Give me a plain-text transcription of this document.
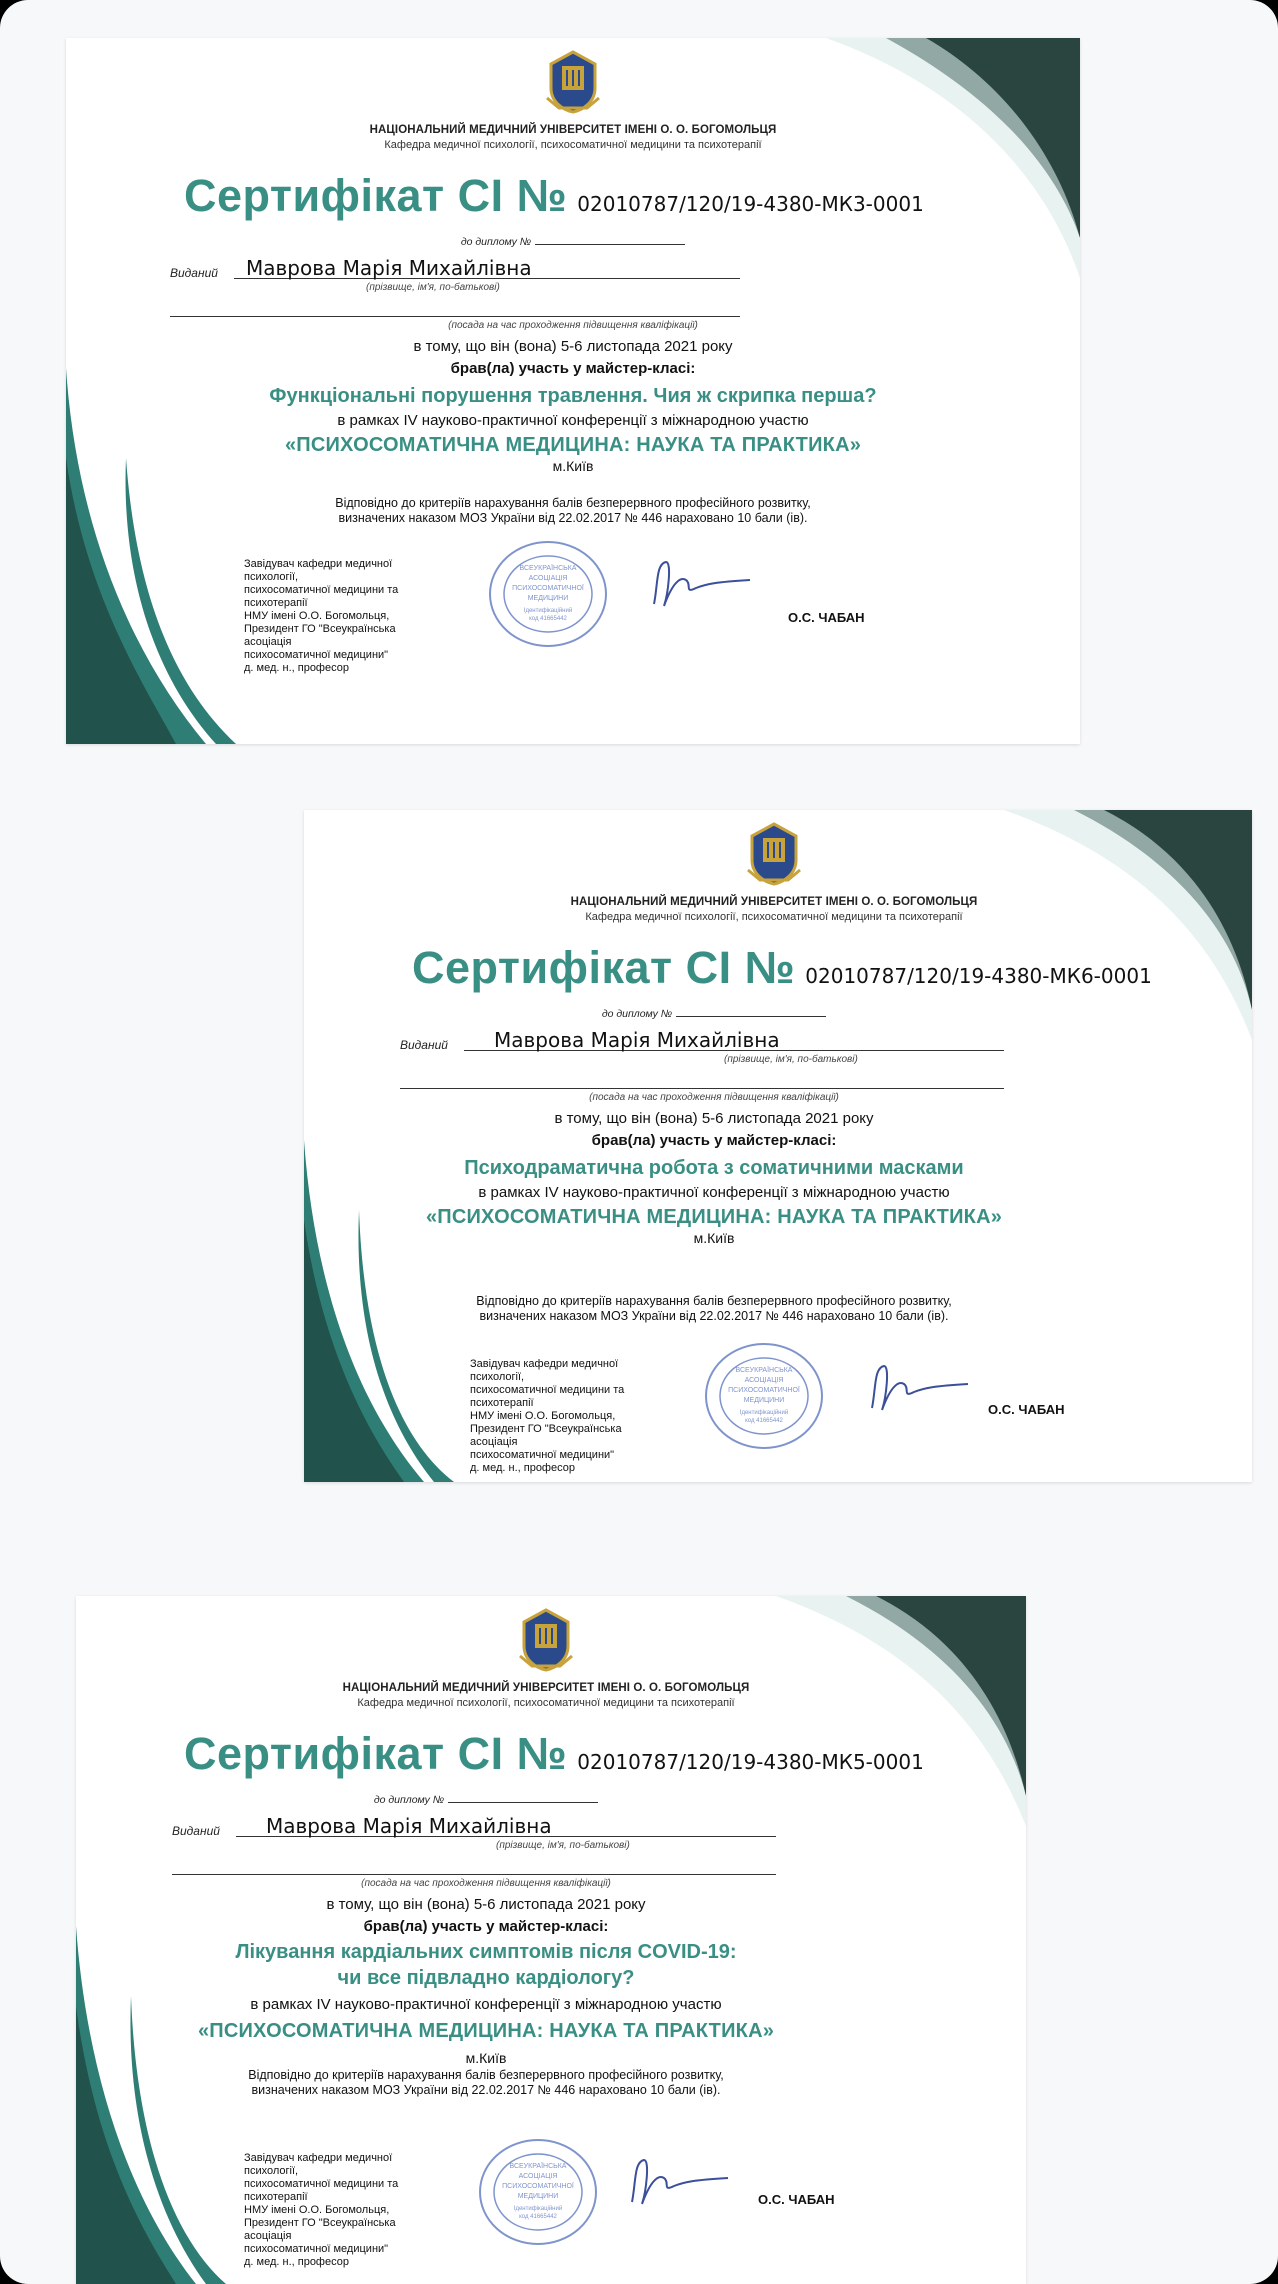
НАЦІОНАЛЬНИЙ МЕДИЧНИЙ УНІВЕРСИТЕТ ІМЕНІ О. О. БОГОМОЛЬЦЯ
Кафедра медичної психології, психосоматичної медицини та психотерапії
Сертифікат СІ № 02010787/120/19-4380-МК3-0001
до диплому №
Виданий Маврова Марія Михайлівна
(прізвище, ім'я, по-батькові)
(посада на час проходження підвищення кваліфікації)
в тому, що він (вона) 5-6 листопада 2021 року
брав(ла) участь у майстер-класі:
Функціональні порушення травлення. Чия ж скрипка перша?
в рамках IV науково-практичної конференції з міжнародною участю
«ПСИХОСОМАТИЧНА МЕДИЦИНА: НАУКА ТА ПРАКТИКА»
м.Київ
Відповідно до критеріїв нарахування балів безперервного професійного розвитку,
визначених наказом МОЗ України від 22.02.2017 № 446 нараховано 10 бали (ів).
Завідувач кафедри медичної психології,
психосоматичної медицини та психотерапії
НМУ імені О.О. Богомольця,
Президент ГО "Всеукраїнська асоціація
психосоматичної медицини"
д. мед. н., професор
ВСЕУКРАЇНСЬКА
АСОЦІАЦІЯ
ПСИХОСОМАТИЧНОЇ
МЕДИЦИНИ
Ідентифікаційний
код 41665442	О.С. ЧАБАН
НАЦІОНАЛЬНИЙ МЕДИЧНИЙ УНІВЕРСИТЕТ ІМЕНІ О. О. БОГОМОЛЬЦЯ
Кафедра медичної психології, психосоматичної медицини та психотерапії
Сертифікат СІ № 02010787/120/19-4380-МК6-0001
до диплому №
Виданий Маврова Марія Михайлівна
(прізвище, ім'я, по-батькові)
(посада на час проходження підвищення кваліфікації)
в тому, що він (вона) 5-6 листопада 2021 року
брав(ла) участь у майстер-класі:
Психодраматична робота з соматичними масками
в рамках IV науково-практичної конференції з міжнародною участю
«ПСИХОСОМАТИЧНА МЕДИЦИНА: НАУКА ТА ПРАКТИКА»
м.Київ
Відповідно до критеріїв нарахування балів безперервного професійного розвитку,
визначених наказом МОЗ України від 22.02.2017 № 446 нараховано 10 бали (ів).
Завідувач кафедри медичної психології,
психосоматичної медицини та психотерапії
НМУ імені О.О. Богомольця,
Президент ГО "Всеукраїнська асоціація
психосоматичної медицини"
д. мед. н., професор
ВСЕУКРАЇНСЬКА
АСОЦІАЦІЯ
ПСИХОСОМАТИЧНОЇ
МЕДИЦИНИ
Ідентифікаційний
код 41665442
О.С. ЧАБАН
НАЦІОНАЛЬНИЙ МЕДИЧНИЙ УНІВЕРСИТЕТ ІМЕНІ О. О. БОГОМОЛЬЦЯ
Кафедра медичної психології, психосоматичної медицини та психотерапії
Сертифікат СІ № 02010787/120/19-4380-МК5-0001
до диплому №
Виданий Маврова Марія Михайлівна
(прізвище, ім'я, по-батькові)
(посада на час проходження підвищення кваліфікації)
в тому, що він (вона) 5-6 листопада 2021 року
брав(ла) участь у майстер-класі:
Лікування кардіальних симптомів після COVID-19:
чи все підвладно кардіологу?
в рамках IV науково-практичної конференції з міжнародною участю
«ПСИХОСОМАТИЧНА МЕДИЦИНА: НАУКА ТА ПРАКТИКА»
м.Київ
Відповідно до критеріїв нарахування балів безперервного професійного розвитку,
визначених наказом МОЗ України від 22.02.2017 № 446 нараховано 10 бали (ів).
Завідувач кафедри медичної психології,
психосоматичної медицини та психотерапії
НМУ імені О.О. Богомольця,
Президент ГО "Всеукраїнська асоціація
психосоматичної медицини"
д. мед. н., професор
ВСЕУКРАЇНСЬКА
АСОЦІАЦІЯ
ПСИХОСОМАТИЧНОЇ
МЕДИЦИНИ
Ідентифікаційний
код 41665442
О.С. ЧАБАН
